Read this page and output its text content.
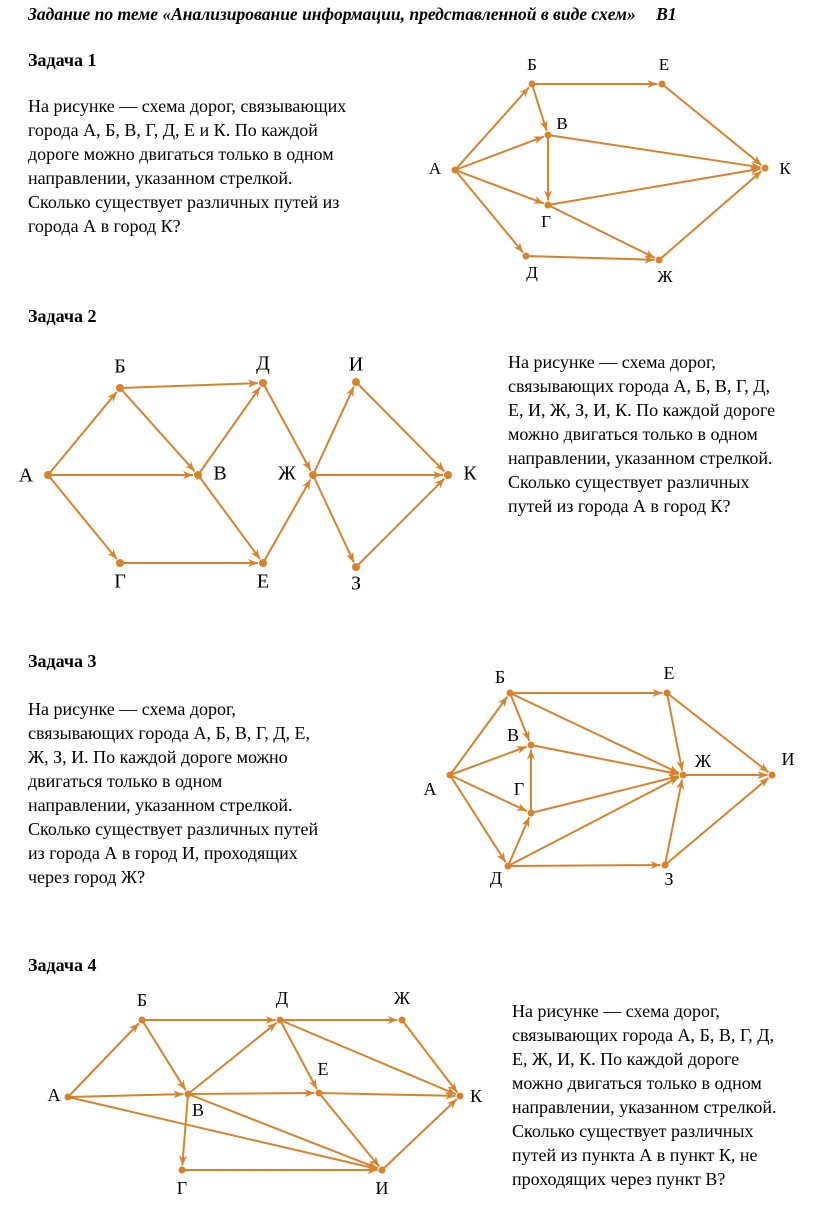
Задание по теме «Анализирование информации, представленной в виде схем» В1
Задача 1
На рисунке — схема дорог, связывающих
города А, Б, В, Г, Д, Е и К. По каждой
дороге можно двигаться только в одном
направлении, указанном стрелкой.
Сколько существует различных путей из
города А в город К?
А
Б
В
Г
Д
Е
К
Ж
Задача 2
На рисунке — схема дорог,
связывающих города А, Б, В, Г, Д,
Е, И, Ж, З, И, К. По каждой дороге
можно двигаться только в одном
направлении, указанном стрелкой.
Сколько существует различных
путей из города А в город К?
А
Б
В
Г
Д
Е
Ж
И
З
К
Задача 3
На рисунке — схема дорог,
связывающих города А, Б, В, Г, Д, Е,
Ж, З, И. По каждой дороге можно
двигаться только в одном
направлении, указанном стрелкой.
Сколько существует различных путей
из города А в город И, проходящих
через город Ж?
А
Б
В
Г
Д
Е
Ж
З
И
Задача 4
На рисунке — схема дорог,
связывающих города А, Б, В, Г, Д,
Е, Ж, И, К. По каждой дороге
можно двигаться только в одном
направлении, указанном стрелкой.
Сколько существует различных
путей из пункта А в пункт К, не
проходящих через пункт В?
А
Б
В
Г
Д
Е
Ж
И
К
